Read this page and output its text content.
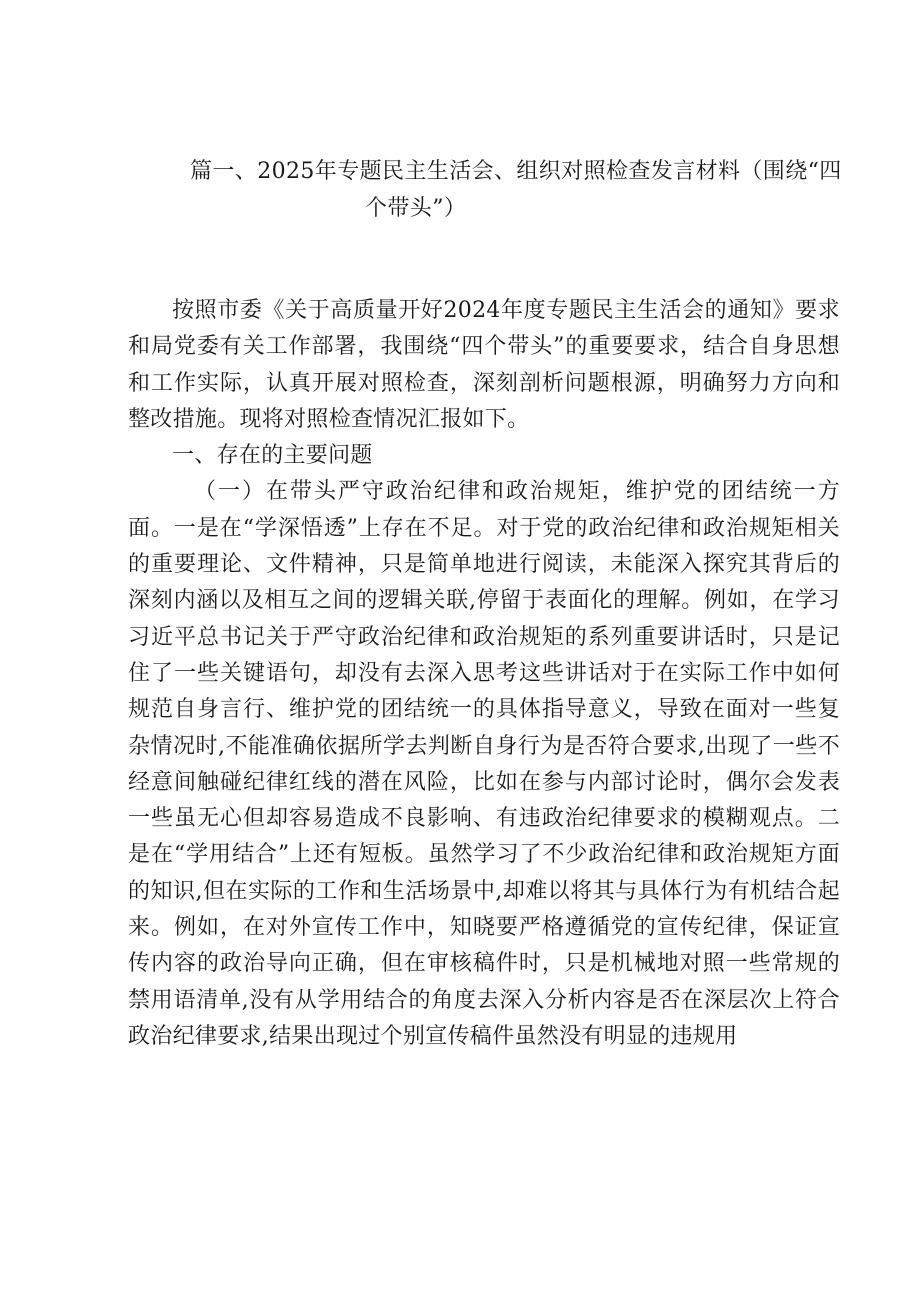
篇一、2025年专题民主生活会、组织对照检查发言材料（围绕“四
个带头”）

按照市委《关于高质量开好2024年度专题民主生活会的通知》要求和局党委有关工作部署，我围绕“四个带头”的重要要求，结合自身思想和工作实际，认真开展对照检查，深刻剖析问题根源，明确努力方向和整改措施。现将对照检查情况汇报如下。

一、存在的主要问题

（一）在带头严守政治纪律和政治规矩，维护党的团结统一方面。一是在“学深悟透”上存在不足。对于党的政治纪律和政治规矩相关的重要理论、文件精神，只是简单地进行阅读，未能深入探究其背后的深刻内涵以及相互之间的逻辑关联,停留于表面化的理解。例如，在学习习近平总书记关于严守政治纪律和政治规矩的系列重要讲话时，只是记住了一些关键语句，却没有去深入思考这些讲话对于在实际工作中如何规范自身言行、维护党的团结统一的具体指导意义，导致在面对一些复杂情况时,不能准确依据所学去判断自身行为是否符合要求,出现了一些不经意间触碰纪律红线的潜在风险，比如在参与内部讨论时，偶尔会发表一些虽无心但却容易造成不良影响、有违政治纪律要求的模糊观点。二是在“学用结合”上还有短板。虽然学习了不少政治纪律和政治规矩方面的知识,但在实际的工作和生活场景中,却难以将其与具体行为有机结合起来。例如，在对外宣传工作中，知晓要严格遵循党的宣传纪律，保证宣传内容的政治导向正确，但在审核稿件时，只是机械地对照一些常规的禁用语清单,没有从学用结合的角度去深入分析内容是否在深层次上符合政治纪律要求,结果出现过个别宣传稿件虽然没有明显的违规用
